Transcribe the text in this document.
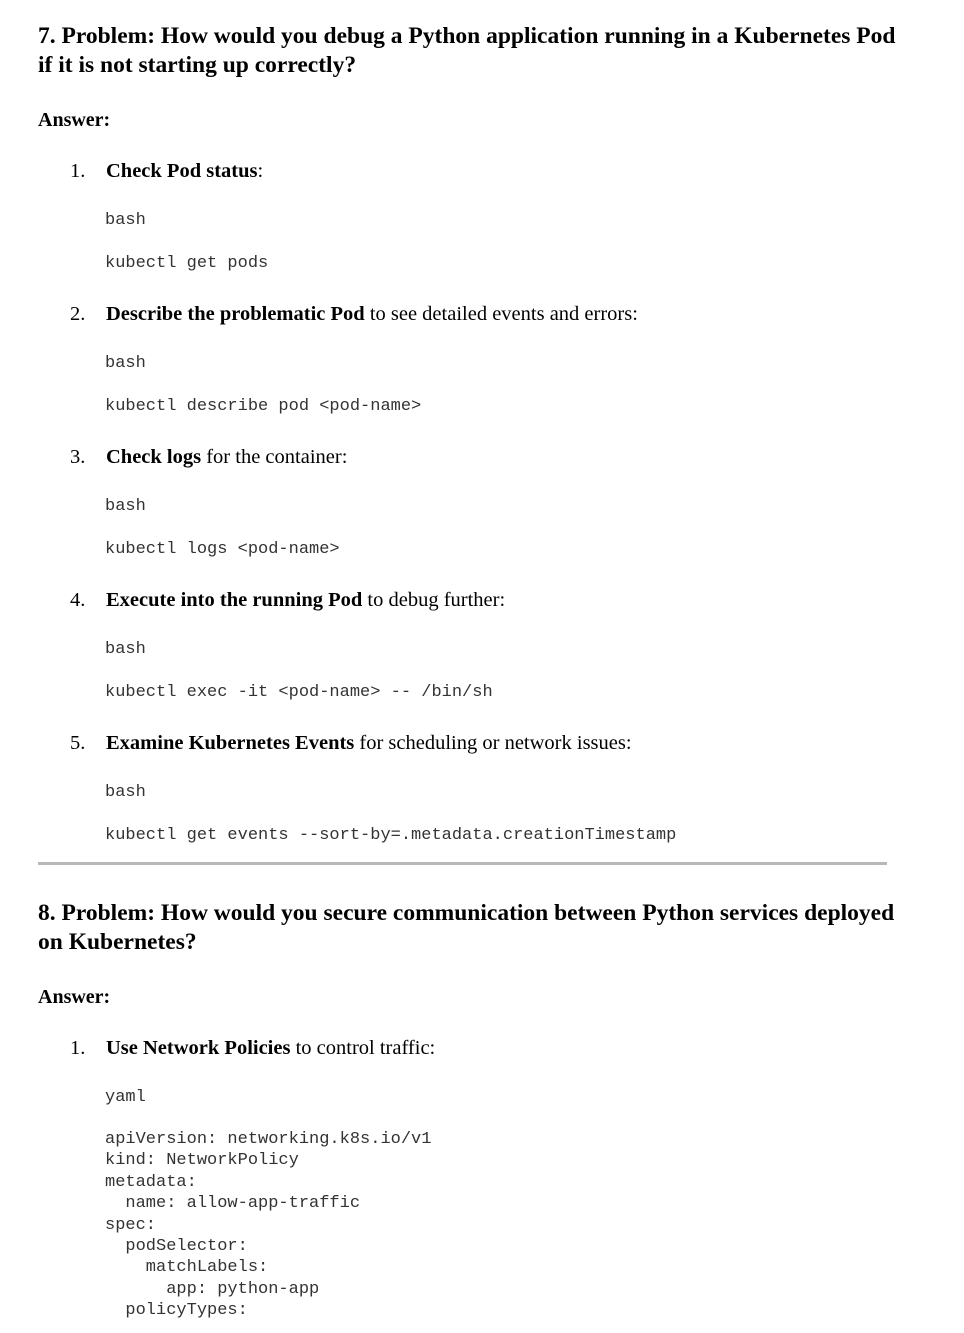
7. Problem: How would you debug a Python application running in a Kubernetes Pod if it is not starting up correctly?
Answer:
1. Check Pod status:
bash
kubectl get pods
2. Describe the problematic Pod to see detailed events and errors:
bash
kubectl describe pod <pod-name>
3. Check logs for the container:
bash
kubectl logs <pod-name>
4. Execute into the running Pod to debug further:
bash
kubectl exec -it <pod-name> -- /bin/sh
5. Examine Kubernetes Events for scheduling or network issues:
bash
kubectl get events --sort-by=.metadata.creationTimestamp
8. Problem: How would you secure communication between Python services deployed on Kubernetes?
Answer:
1. Use Network Policies to control traffic:
yaml
apiVersion: networking.k8s.io/v1
kind: NetworkPolicy
metadata:
name: allow-app-traffic
spec:
podSelector:
matchLabels:
app: python-app
policyTypes:
